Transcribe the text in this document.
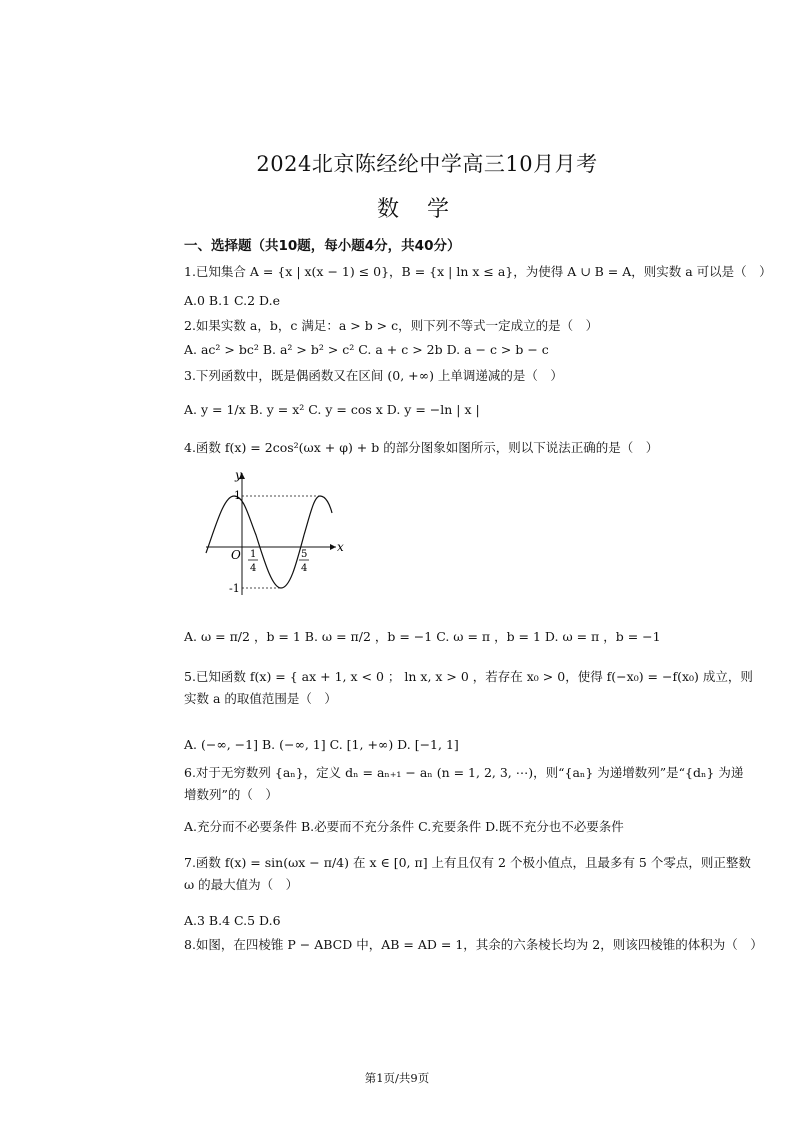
2024北京陈经纶中学高三10月月考
数学
一、选择题（共10题，每小题4分，共40分）
1.已知集合 A = {x | x(x − 1) ≤ 0}，B = {x | ln x ≤ a}，为使得 A ∪ B = A，则实数 a 可以是（　）
A.0 B.1 C.2 D.e
2.如果实数 a，b，c 满足：a > b > c，则下列不等式一定成立的是（　）
A. ac² > bc² B. a² > b² > c² C. a + c > 2b D. a − c > b − c
3.下列函数中，既是偶函数又在区间 (0, +∞) 上单调递减的是（　）
A. y = 1/x B. y = x² C. y = cos x D. y = −ln | x |
4.函数 f(x) = 2cos²(ωx + φ) + b 的部分图象如图所示，则以下说法正确的是（　）
y
x
O
1
-1
1
4
5
4
A. ω = π/2 ，b = 1 B. ω = π/2 ，b = −1 C. ω = π ，b = 1 D. ω = π ，b = −1
5.已知函数 f(x) = { ax + 1, x < 0 ； ln x, x > 0 ，若存在 x₀ > 0，使得 f(−x₀) = −f(x₀) 成立，则实数 a 的取值范围是（　）
A. (−∞, −1] B. (−∞, 1] C. [1, +∞) D. [−1, 1]
6.对于无穷数列 {aₙ}，定义 dₙ = aₙ₊₁ − aₙ (n = 1, 2, 3, ⋯)，则“{aₙ} 为递增数列”是“{dₙ} 为递增数列”的（　）
A.充分而不必要条件 B.必要而不充分条件 C.充要条件 D.既不充分也不必要条件
7.函数 f(x) = sin(ωx − π/4) 在 x ∈ [0, π] 上有且仅有 2 个极小值点，且最多有 5 个零点，则正整数 ω 的最大值为（　）
A.3 B.4 C.5 D.6
8.如图，在四棱锥 P − ABCD 中，AB = AD = 1，其余的六条棱长均为 2，则该四棱锥的体积为（　）
第1页/共9页
